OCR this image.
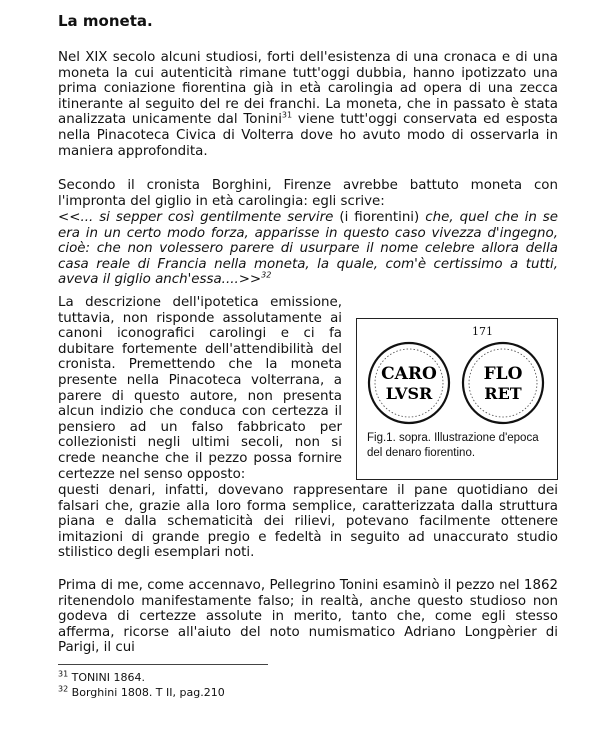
La moneta.
Nel XIX secolo alcuni studiosi, forti dell'esistenza di una cronaca e di una moneta la cui autenticità rimane tutt'oggi dubbia, hanno ipotizzato una prima coniazione fiorentina già in età carolingia ad opera di una zecca itinerante al seguito del re dei franchi. La moneta, che in passato è stata analizzata unicamente dal Tonini$^{31}$ viene tutt'oggi conservata ed esposta nella Pinacoteca Civica di Volterra dove ho avuto modo di osservarla in maniera approfondita.
Secondo il cronista Borghini, Firenze avrebbe battuto moneta con l'impronta del giglio in età carolingia: egli scrive:
<<... si sepper così gentilmente servire (i fiorentini) che, quel che in se era in un certo modo forza, apparisse in questo caso vivezza d'ingegno, cioè: che non volessero parere di usurpare il nome celebre allora della casa reale di Francia nella moneta, la quale, com'è certissimo a tutti, aveva il giglio anch'essa....>>$^{32}$
La descrizione dell'ipotetica emissione, tuttavia, non risponde assolutamente ai canoni iconografici carolingi e ci fa dubitare fortemente dell'attendibilità del cronista. Premettendo che la moneta presente nella Pinacoteca volterrana, a parere di questo autore, non presenta alcun indizio che conduca con certezza il pensiero ad un falso fabbricato per collezionisti negli ultimi secoli, non si crede neanche che il pezzo possa fornire certezze nel senso opposto:
171
CARO
LVSR
FLO
RET
Fig.1. sopra. Illustrazione d'epoca del denaro fiorentino.
questi denari, infatti, dovevano rappresentare il pane quotidiano dei falsari che, grazie alla loro forma semplice, caratterizzata dalla struttura piana e dalla schematicità dei rilievi, potevano facilmente ottenere imitazioni di grande pregio e fedeltà in seguito ad unaccurato studio stilistico degli esemplari noti.
Prima di me, come accennavo, Pellegrino Tonini esaminò il pezzo nel 1862 ritenendolo manifestamente falso; in realtà, anche questo studioso non godeva di certezze assolute in merito, tanto che, come egli stesso afferma, ricorse all'aiuto del noto numismatico Adriano Longpèrier di Parigi, il cui
$^{31}$ TONINI 1864.
$^{32}$ Borghini 1808. T II, pag.210
